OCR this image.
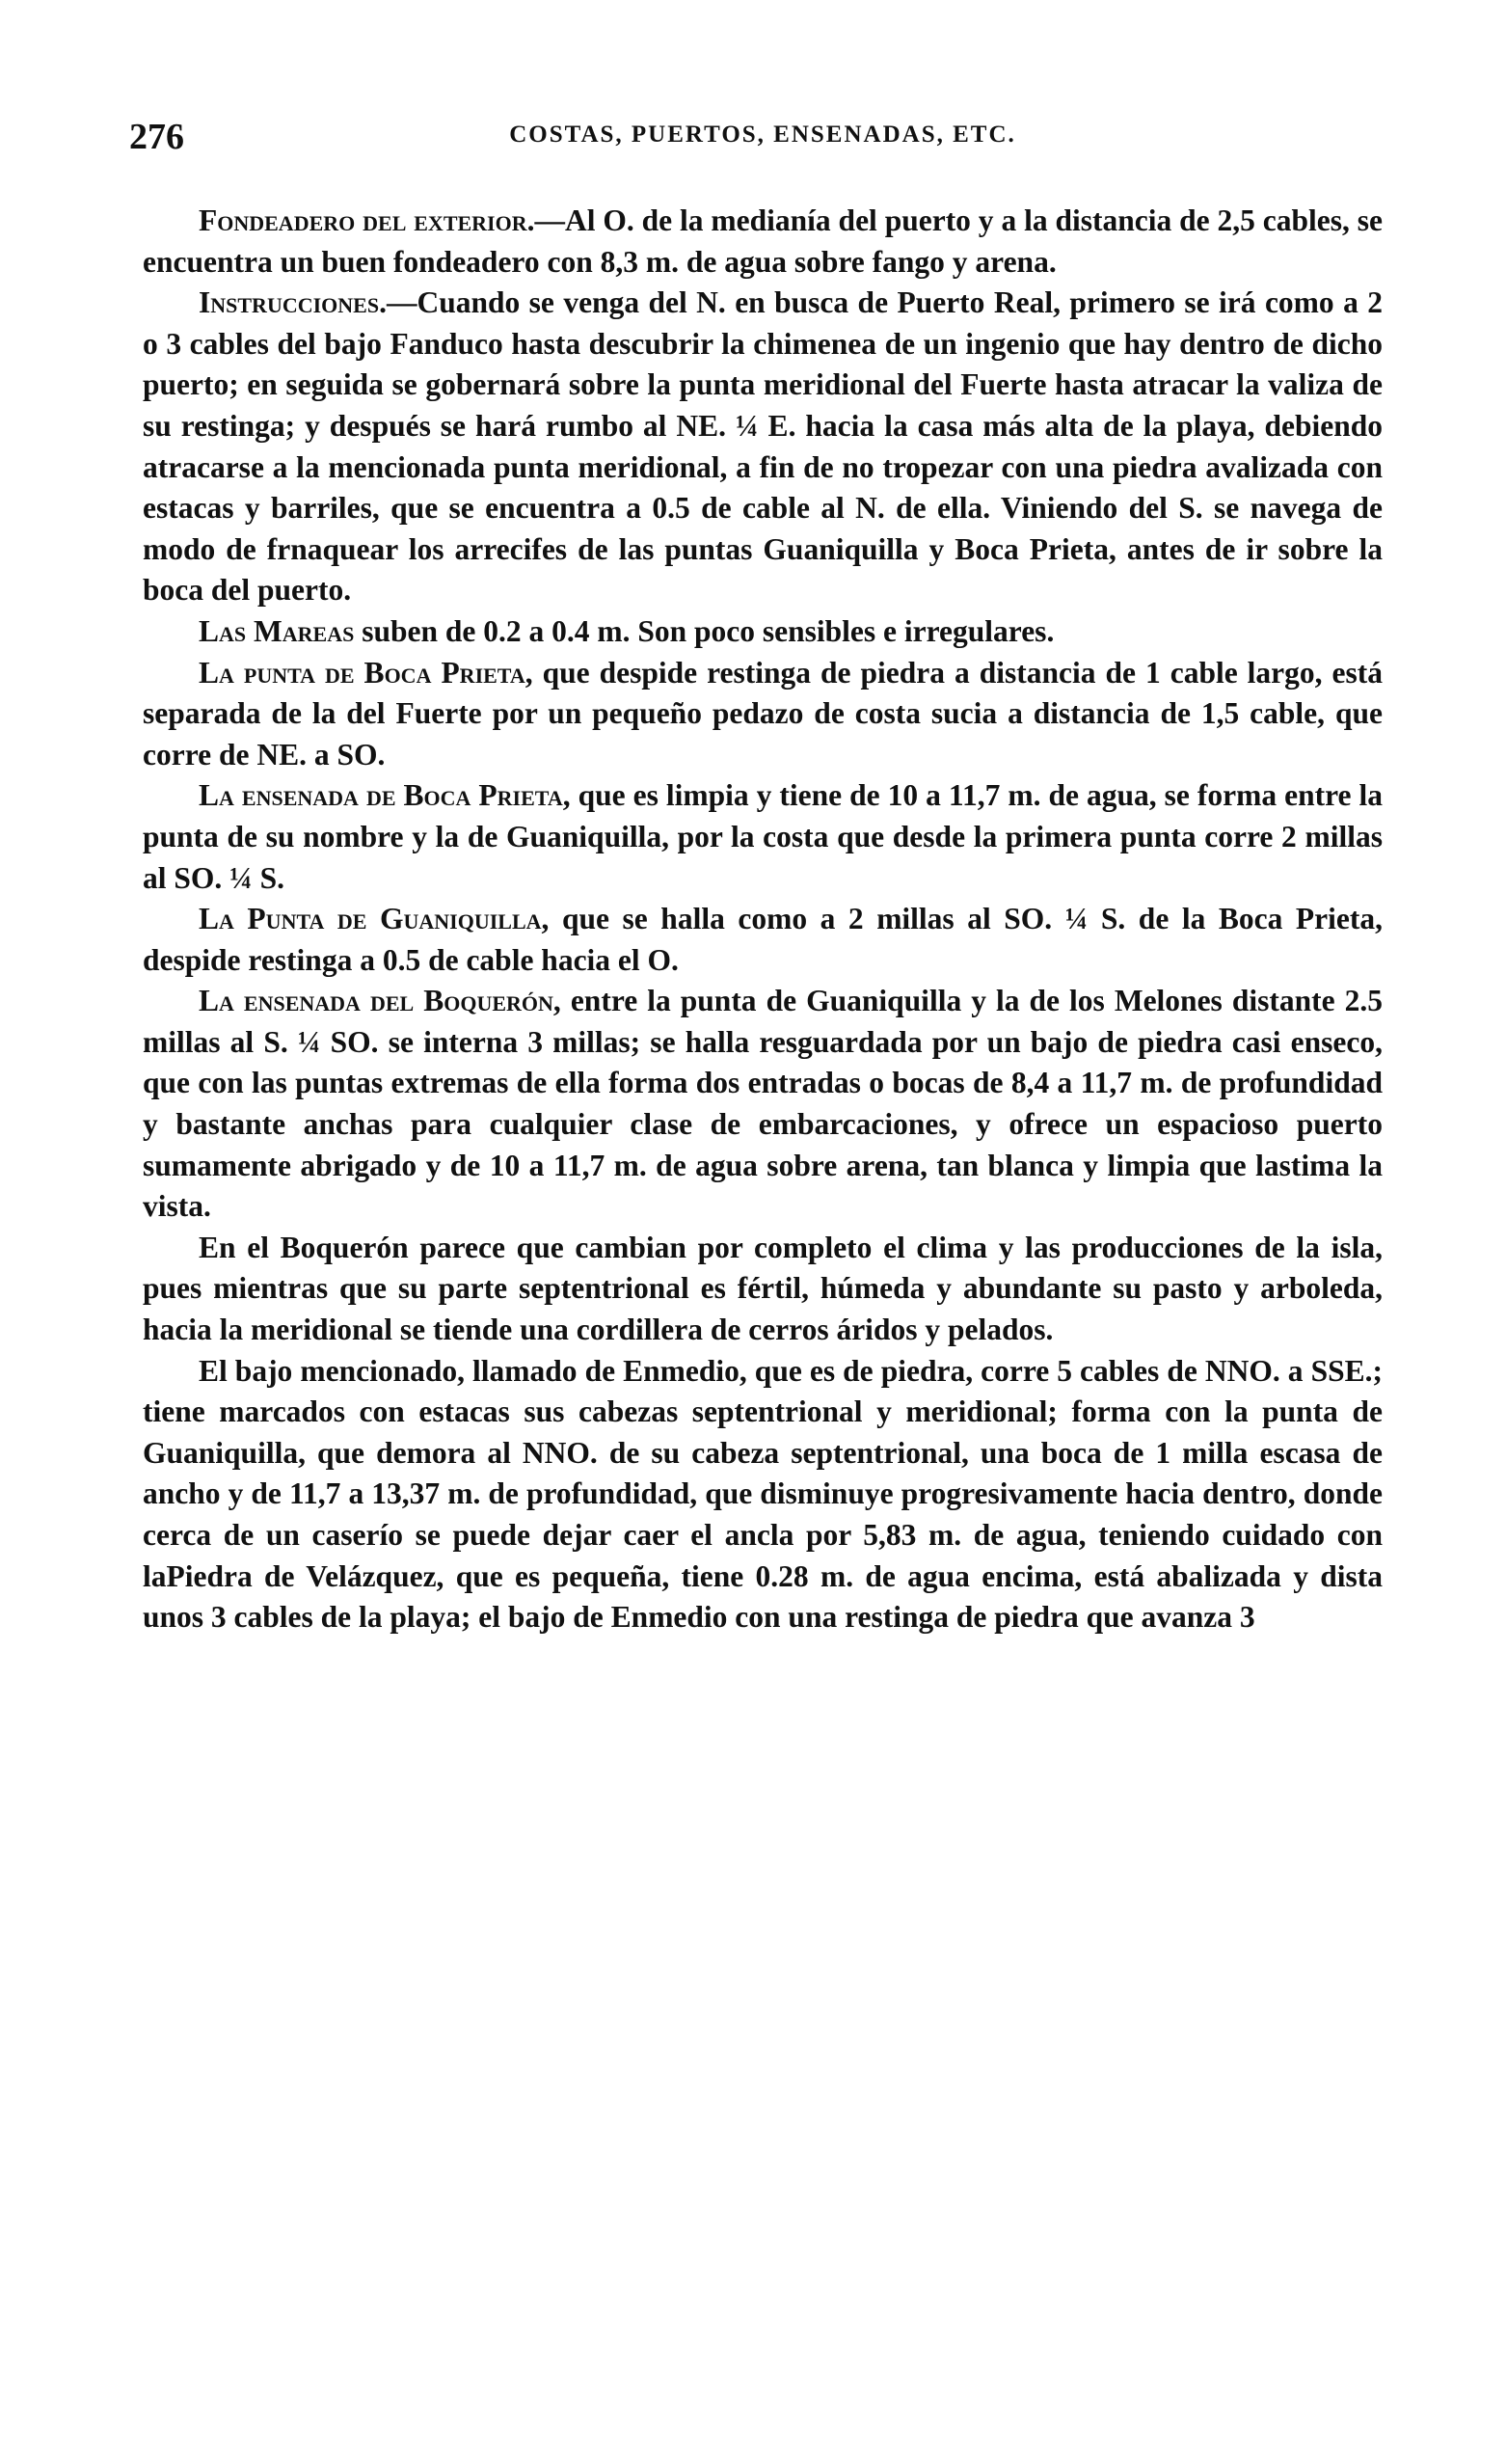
276	COSTAS, PUERTOS, ENSENADAS, ETC.

Fondeadero del exterior.—Al O. de la medianía del puerto y a la distancia de 2,5 cables, se encuentra un buen fondeadero con 8,3 m. de agua sobre fango y arena.

Instrucciones.—Cuando se venga del N. en busca de Puerto Real, primero se irá como a 2 o 3 cables del bajo Fanduco hasta descubrir la chimenea de un ingenio que hay dentro de dicho puerto; en seguida se gobernará sobre la punta meridional del Fuerte hasta atracar la valiza de su restinga; y después se hará rumbo al NE. ¼ E. hacia la casa más alta de la playa, debiendo atracarse a la mencionada punta meridional, a fin de no tropezar con una piedra avalizada con estacas y barriles, que se encuentra a 0.5 de cable al N. de ella. Viniendo del S. se navega de modo de frnaquear los arrecifes de las puntas Guaniquilla y Boca Prieta, antes de ir sobre la boca del puerto.

Las Mareas suben de 0.2 a 0.4 m. Son poco sensibles e irregulares.

La punta de Boca Prieta, que despide restinga de piedra a distancia de 1 cable largo, está separada de la del Fuerte por un pequeño pedazo de costa sucia a distancia de 1,5 cable, que corre de NE. a SO.

La ensenada de Boca Prieta, que es limpia y tiene de 10 a 11,7 m. de agua, se forma entre la punta de su nombre y la de Guaniquilla, por la costa que desde la primera punta corre 2 millas al SO. ¼ S.

La Punta de Guaniquilla, que se halla como a 2 millas al SO. ¼ S. de la Boca Prieta, despide restinga a 0.5 de cable hacia el O.

La ensenada del Boquerón, entre la punta de Guaniquilla y la de los Melones distante 2.5 millas al S. ¼ SO. se interna 3 millas; se halla resguardada por un bajo de piedra casi enseco, que con las puntas extremas de ella forma dos entradas o bocas de 8,4 a 11,7 m. de profundidad y bastante anchas para cualquier clase de embarcaciones, y ofrece un espacioso puerto sumamente abrigado y de 10 a 11,7 m. de agua sobre arena, tan blanca y limpia que lastima la vista.

En el Boquerón parece que cambian por completo el clima y las producciones de la isla, pues mientras que su parte septentrional es fértil, húmeda y abundante su pasto y arboleda, hacia la meridional se tiende una cordillera de cerros áridos y pelados.

El bajo mencionado, llamado de Enmedio, que es de piedra, corre 5 cables de NNO. a SSE.; tiene marcados con estacas sus cabezas septentrional y meridional; forma con la punta de Guaniquilla, que demora al NNO. de su cabeza septentrional, una boca de 1 milla escasa de ancho y de 11,7 a 13,37 m. de profundidad, que disminuye progresivamente hacia dentro, donde cerca de un caserío se puede dejar caer el ancla por 5,83 m. de agua, teniendo cuidado con laPiedra de Velázquez, que es pequeña, tiene 0.28 m. de agua encima, está abalizada y dista unos 3 cables de la playa; el bajo de Enmedio con una restinga de piedra que avanza 3
